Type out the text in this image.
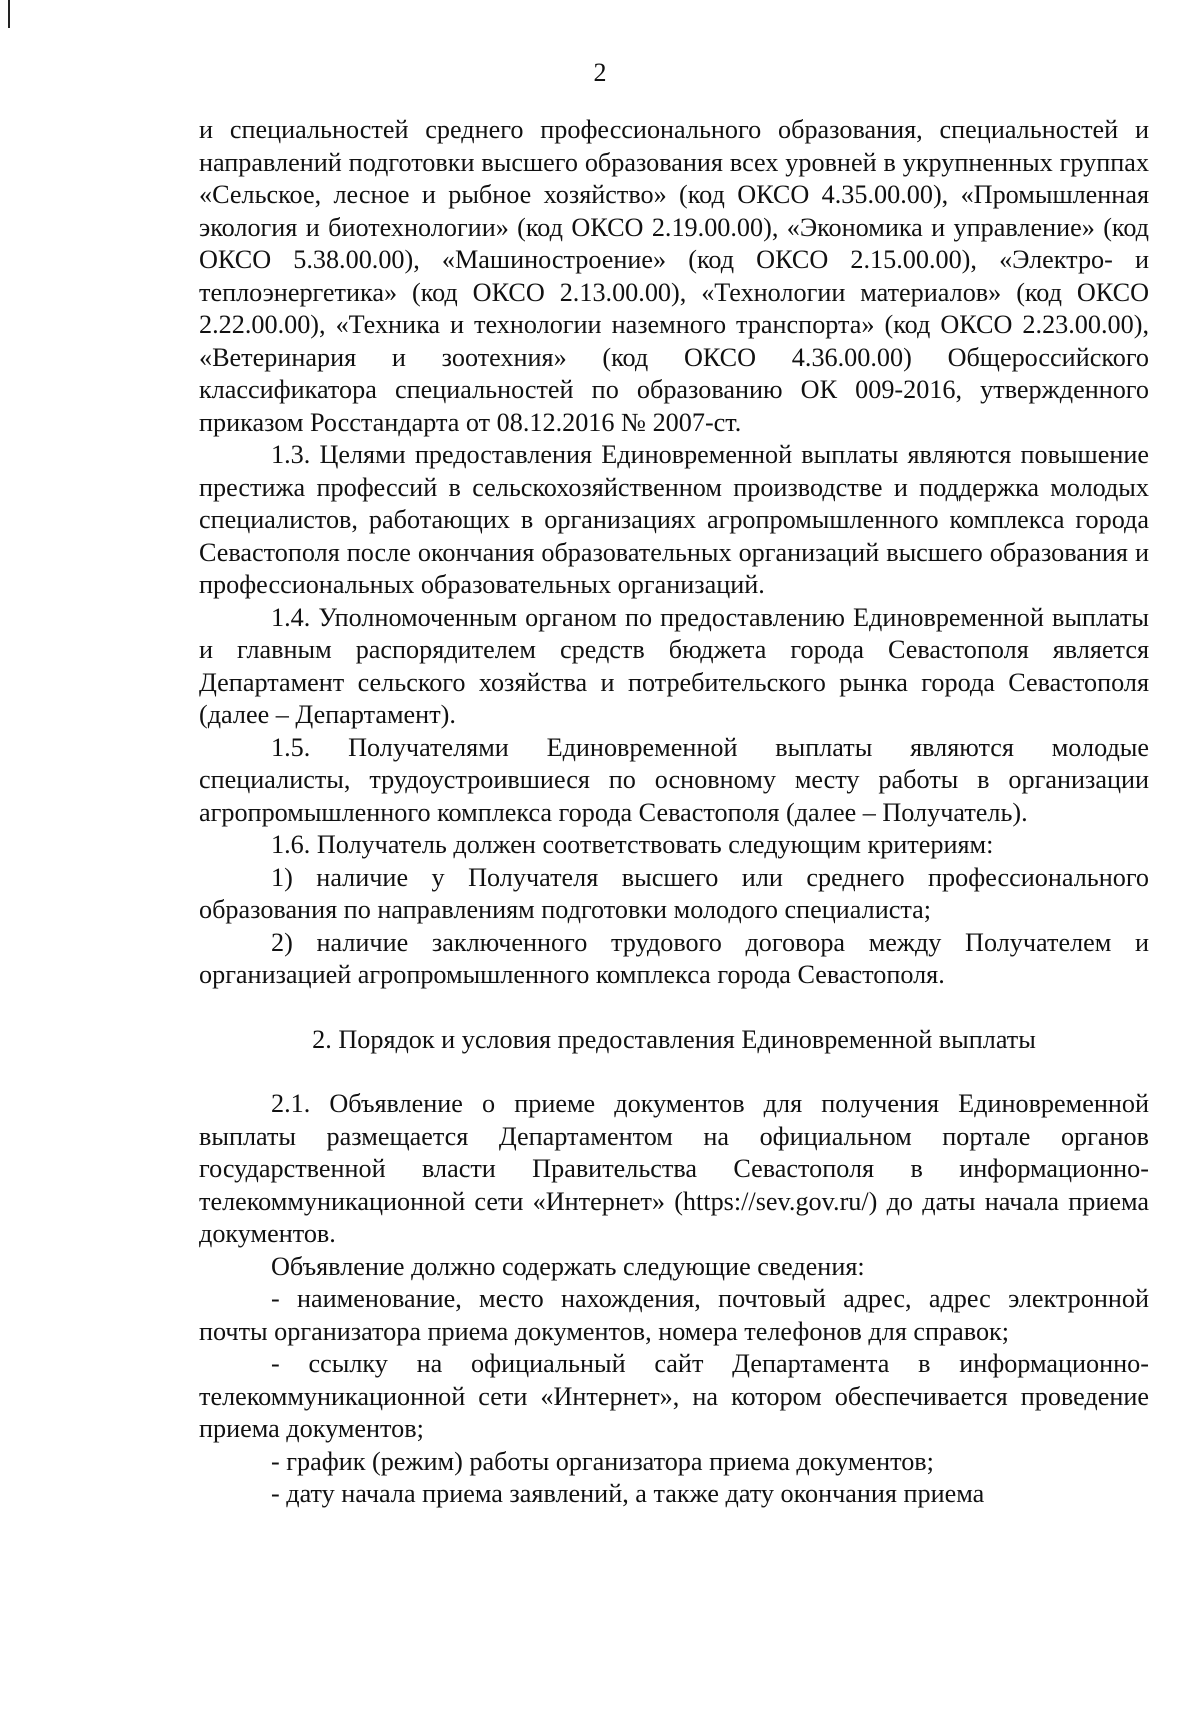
2

и специальностей среднего профессионального образования, специальностей и направлений подготовки высшего образования всех уровней в укрупненных группах «Сельское, лесное и рыбное хозяйство» (код ОКСО 4.35.00.00), «Промышленная экология и биотехнологии» (код ОКСО 2.19.00.00), «Экономика и управление» (код ОКСО 5.38.00.00), «Машиностроение» (код ОКСО 2.15.00.00), «Электро- и теплоэнергетика» (код ОКСО 2.13.00.00), «Технологии материалов» (код ОКСО 2.22.00.00), «Техника и технологии наземного транспорта» (код ОКСО 2.23.00.00), «Ветеринария и зоотехния» (код ОКСО 4.36.00.00) Общероссийского классификатора специальностей по образованию ОК 009-2016, утвержденного приказом Росстандарта от 08.12.2016 № 2007-ст.

1.3. Целями предоставления Единовременной выплаты являются повышение престижа профессий в сельскохозяйственном производстве и поддержка молодых специалистов, работающих в организациях агропромышленного комплекса города Севастополя после окончания образовательных организаций высшего образования и профессиональных образовательных организаций.

1.4. Уполномоченным органом по предоставлению Единовременной выплаты и главным распорядителем средств бюджета города Севастополя является Департамент сельского хозяйства и потребительского рынка города Севастополя (далее – Департамент).

1.5. Получателями Единовременной выплаты являются молодые специалисты, трудоустроившиеся по основному месту работы в организации агропромышленного комплекса города Севастополя (далее – Получатель).

1.6. Получатель должен соответствовать следующим критериям:

1) наличие у Получателя высшего или среднего профессионального образования по направлениям подготовки молодого специалиста;

2) наличие заключенного трудового договора между Получателем и организацией агропромышленного комплекса города Севастополя.

2. Порядок и условия предоставления Единовременной выплаты

2.1. Объявление о приеме документов для получения Единовременной выплаты размещается Департаментом на официальном портале органов государственной власти Правительства Севастополя в информационно-телекоммуникационной сети «Интернет» (https://sev.gov.ru/) до даты начала приема документов.

Объявление должно содержать следующие сведения:

- наименование, место нахождения, почтовый адрес, адрес электронной почты организатора приема документов, номера телефонов для справок;

- ссылку на официальный сайт Департамента в информационно-телекоммуникационной сети «Интернет», на котором обеспечивается проведение приема документов;

- график (режим) работы организатора приема документов;

- дату начала приема заявлений, а также дату окончания приема
